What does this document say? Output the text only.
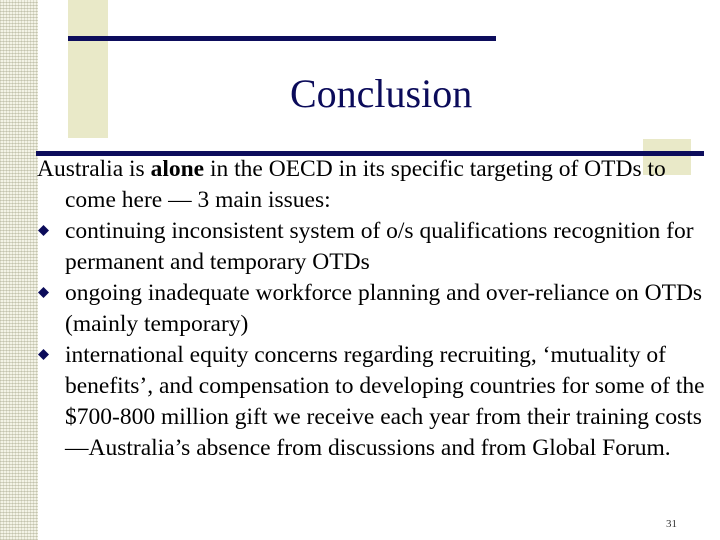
Conclusion

Australia is alone in the OECD in its specific targeting of OTDs to come here — 3 main issues:

continuing inconsistent system of o/s qualifications recognition for permanent and temporary OTDs
ongoing inadequate workforce planning and over-reliance on OTDs (mainly temporary)
international equity concerns regarding recruiting, ‘mutuality of benefits’, and compensation to developing countries for some of the $700-800 million gift we receive each year from their training costs —Australia’s absence from discussions and from Global Forum.
31
